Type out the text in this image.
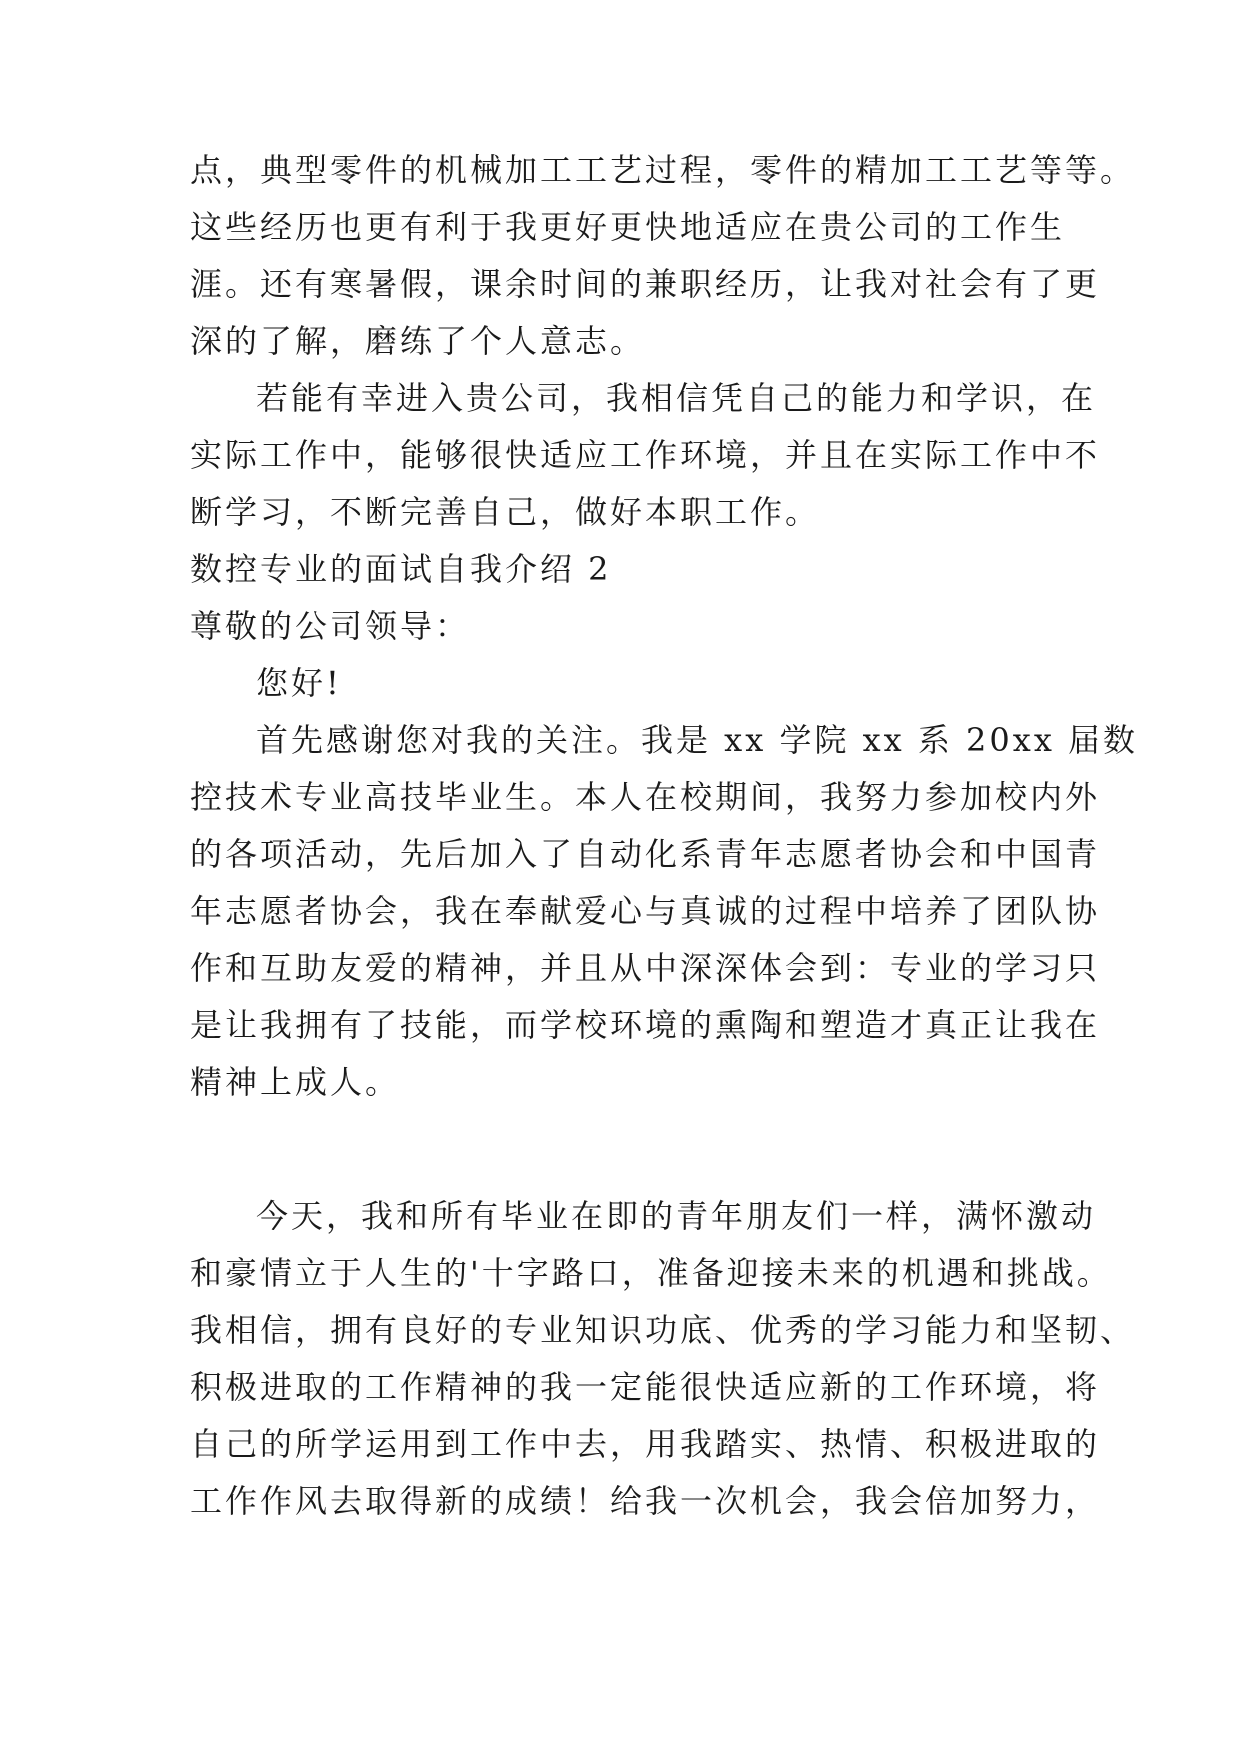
点，典型零件的机械加工工艺过程，零件的精加工工艺等等。
这些经历也更有利于我更好更快地适应在贵公司的工作生
涯。还有寒暑假，课余时间的兼职经历，让我对社会有了更
深的了解，磨练了个人意志。
若能有幸进入贵公司，我相信凭自己的能力和学识，在
实际工作中，能够很快适应工作环境，并且在实际工作中不
断学习，不断完善自己，做好本职工作。
数控专业的面试自我介绍 2
尊敬的公司领导：
您好!
首先感谢您对我的关注。我是 xx 学院 xx 系 20xx 届数
控技术专业高技毕业生。本人在校期间，我努力参加校内外
的各项活动，先后加入了自动化系青年志愿者协会和中国青
年志愿者协会，我在奉献爱心与真诚的过程中培养了团队协
作和互助友爱的精神，并且从中深深体会到：专业的学习只
是让我拥有了技能，而学校环境的熏陶和塑造才真正让我在
精神上成人。
今天，我和所有毕业在即的青年朋友们一样，满怀激动
和豪情立于人生的'十字路口，准备迎接未来的机遇和挑战。
我相信，拥有良好的专业知识功底、优秀的学习能力和坚韧、
积极进取的工作精神的我一定能很快适应新的工作环境，将
自己的所学运用到工作中去，用我踏实、热情、积极进取的
工作作风去取得新的成绩！给我一次机会，我会倍加努力，
